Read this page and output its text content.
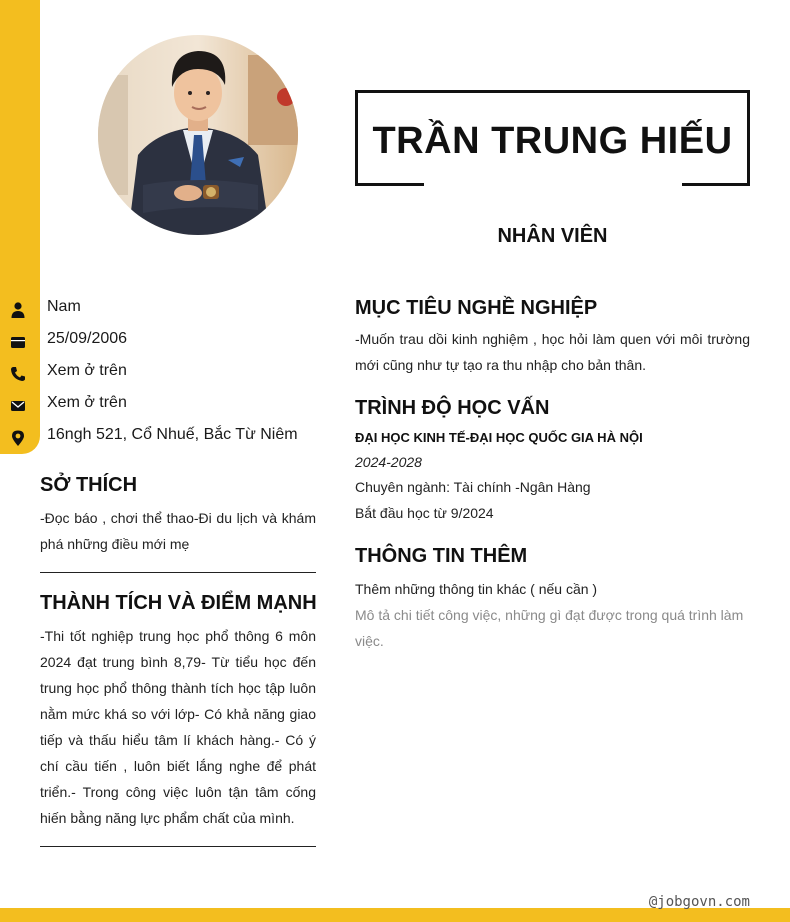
TRẦN TRUNG HIẾU
NHÂN VIÊN
Nam
25/09/2006
Xem ở trên
Xem ở trên
16ngh 521, Cổ Nhuế, Bắc Từ Niêm
SỞ THÍCH
-Đọc báo , chơi thể thao-Đi du lịch và khám phá những điều mới mẹ
THÀNH TÍCH VÀ ĐIỂM MẠNH
-Thi tốt nghiệp trung học phổ thông 6 môn 2024 đạt trung bình 8,79- Từ tiểu học đến trung học phổ thông thành tích học tập luôn nằm mức khá so với lớp- Có khả năng giao tiếp và thấu hiểu tâm lí khách hàng.- Có ý chí cầu tiến , luôn biết lắng nghe để phát triển.- Trong công việc luôn tận tâm cống hiến bằng năng lực phẩm chất của mình.
MỤC TIÊU NGHỀ NGHIỆP
-Muốn trau dồi kinh nghiệm , học hỏi làm quen với môi trường mới cũng như tự tạo ra thu nhập cho bản thân.
TRÌNH ĐỘ HỌC VẤN
ĐẠI HỌC KINH TẾ-ĐẠI HỌC QUỐC GIA HÀ NỘI
2024-2028
Chuyên ngành: Tài chính -Ngân Hàng
Bắt đầu học từ 9/2024
THÔNG TIN THÊM
Thêm những thông tin khác ( nếu cần )
Mô tả chi tiết công việc, những gì đạt được trong quá trình làm việc.
@jobgovn.com
